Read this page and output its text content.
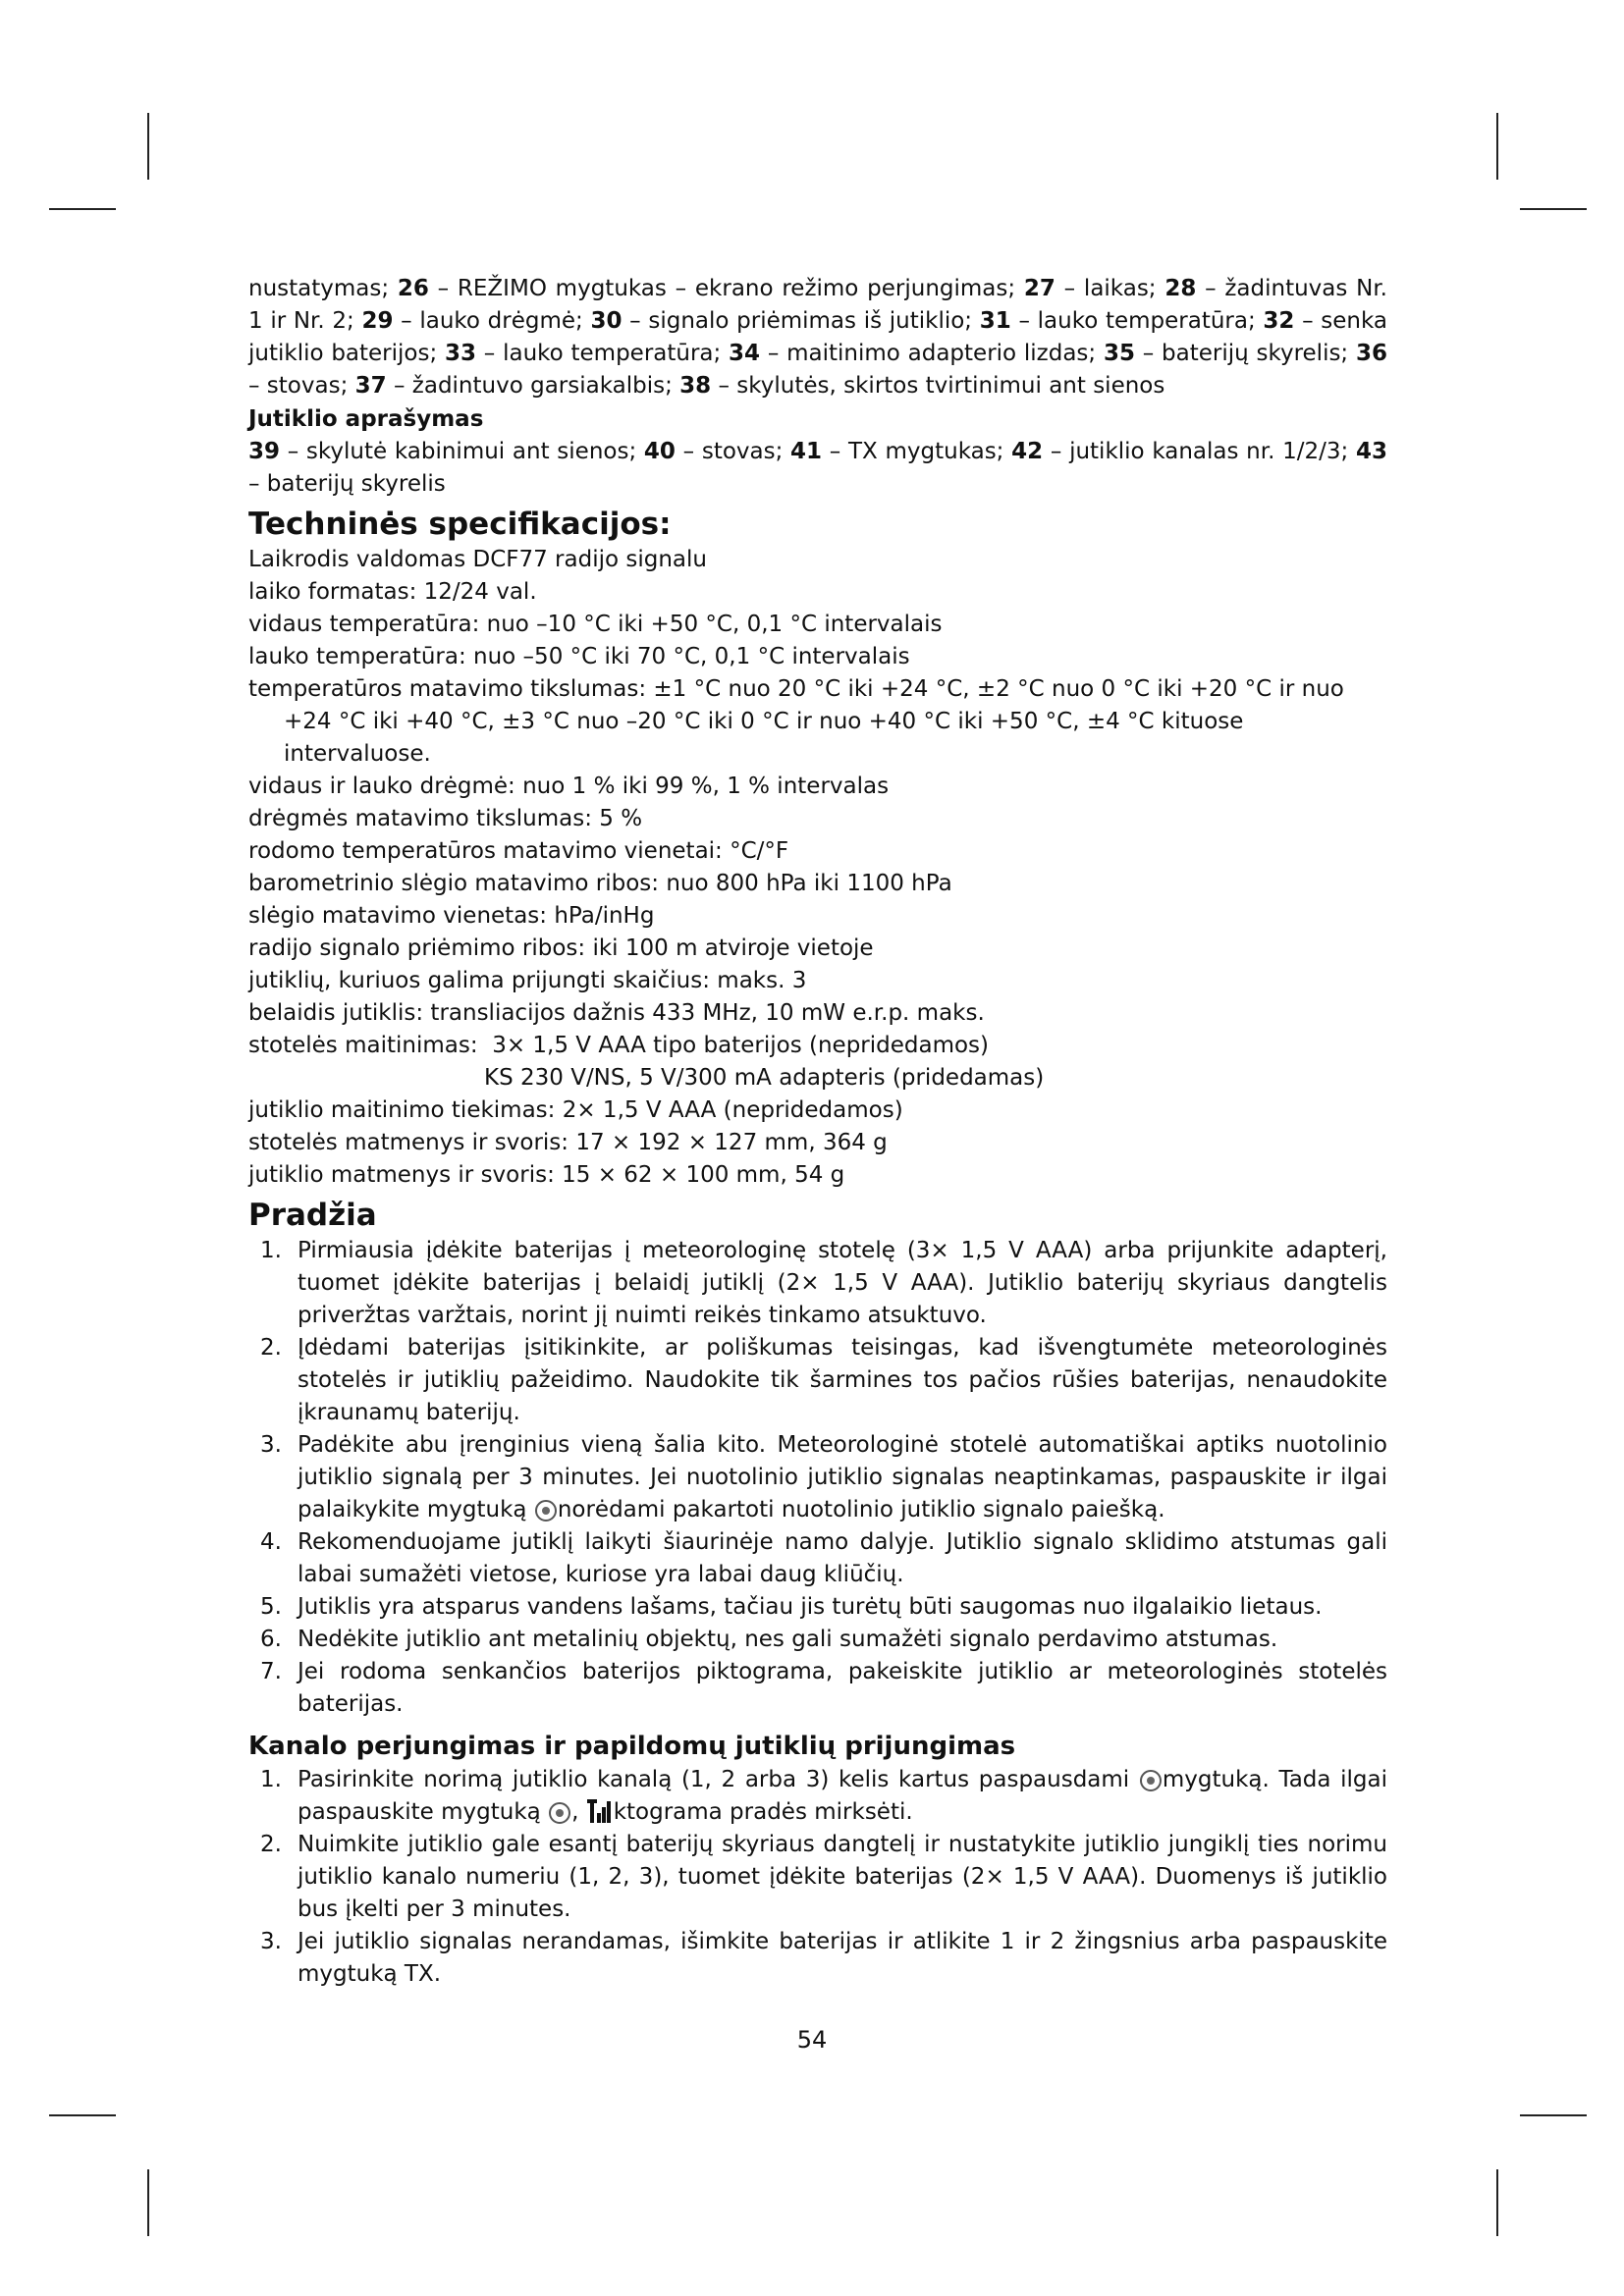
nustatymas; 26 – REŽIMO mygtukas – ekrano režimo perjungimas; 27 – laikas; 28 – žadintuvas Nr. 1 ir Nr. 2; 29 – lauko drėgmė; 30 – signalo priėmimas iš jutiklio; 31 – lauko temperatūra; 32 – senka jutiklio baterijos; 33 – lauko temperatūra; 34 – maitinimo adapterio lizdas; 35 – baterijų skyrelis; 36 – stovas; 37 – žadintuvo garsiakalbis; 38 – skylutės, skirtos tvirtinimui ant sienos

Jutiklio aprašymas

39 – skylutė kabinimui ant sienos; 40 – stovas; 41 – TX mygtukas; 42 – jutiklio kanalas nr. 1/2/3; 43 – baterijų skyrelis

Techninės specifikacijos:

Laikrodis valdomas DCF77 radijo signalu

laiko formatas: 12/24 val.

vidaus temperatūra: nuo –10 °C iki +50 °C, 0,1 °C intervalais

lauko temperatūra: nuo –50 °C iki 70 °C, 0,1 °C intervalais

temperatūros matavimo tikslumas: ±1 °C nuo 20 °C iki +24 °C, ±2 °C nuo 0 °C iki +20 °C ir nuo

+24 °C iki +40 °C, ±3 °C nuo –20 °C iki 0 °C ir nuo +40 °C iki +50 °C, ±4 °C kituose intervaluose.

vidaus ir lauko drėgmė: nuo 1 % iki 99 %, 1 % intervalas

drėgmės matavimo tikslumas: 5 %

rodomo temperatūros matavimo vienetai: °C/°F

barometrinio slėgio matavimo ribos: nuo 800 hPa iki 1100 hPa

slėgio matavimo vienetas: hPa/inHg

radijo signalo priėmimo ribos: iki 100 m atviroje vietoje

jutiklių, kuriuos galima prijungti skaičius: maks. 3

belaidis jutiklis: transliacijos dažnis 433 MHz, 10 mW e.r.p. maks.

stotelės maitinimas:  3× 1,5 V AAA tipo baterijos (nepridedamos)

KS 230 V/NS, 5 V/300 mA adapteris (pridedamas)

jutiklio maitinimo tiekimas: 2× 1,5 V AAA (nepridedamos)

stotelės matmenys ir svoris: 17 × 192 × 127 mm, 364 g

jutiklio matmenys ir svoris: 15 × 62 × 100 mm, 54 g

Pradžia
1. Pirmiausia įdėkite baterijas į meteorologinę stotelę (3× 1,5 V AAA) arba prijunkite adapterį, tuomet įdėkite baterijas į belaidį jutiklį (2× 1,5 V AAA). Jutiklio baterijų skyriaus dangtelis priveržtas varžtais, norint jį nuimti reikės tinkamo atsuktuvo.
2. Įdėdami baterijas įsitikinkite, ar poliškumas teisingas, kad išvengtumėte meteorologinės stotelės ir jutiklių pažeidimo. Naudokite tik šarmines tos pačios rūšies baterijas, nenaudokite įkraunamų baterijų.
3. Padėkite abu įrenginius vieną šalia kito. Meteorologinė stotelė automatiškai aptiks nuotolinio jutiklio signalą per 3 minutes. Jei nuotolinio jutiklio signalas neaptinkamas, paspauskite ir ilgai palaikykite mygtuką norėdami pakartoti nuotolinio jutiklio signalo paiešką.
4. Rekomenduojame jutiklį laikyti šiaurinėje namo dalyje. Jutiklio signalo sklidimo atstumas gali labai sumažėti vietose, kuriose yra labai daug kliūčių.
5. Jutiklis yra atsparus vandens lašams, tačiau jis turėtų būti saugomas nuo ilgalaikio lietaus.
6. Nedėkite jutiklio ant metalinių objektų, nes gali sumažėti signalo perdavimo atstumas.
7. Jei rodoma senkančios baterijos piktograma, pakeiskite jutiklio ar meteorologinės stotelės baterijas.
Kanalo perjungimas ir papildomų jutiklių prijungimas
1. Pasirinkite norimą jutiklio kanalą (1, 2 arba 3) kelis kartus paspausdami mygtuką. Tada ilgai paspauskite mygtuką , ktograma pradės mirksėti.
2. Nuimkite jutiklio gale esantį baterijų skyriaus dangtelį ir nustatykite jutiklio jungiklį ties norimu jutiklio kanalo numeriu (1, 2, 3), tuomet įdėkite baterijas (2× 1,5 V AAA). Duomenys iš jutiklio bus įkelti per 3 minutes.
3. Jei jutiklio signalas nerandamas, išimkite baterijas ir atlikite 1 ir 2 žingsnius arba paspauskite mygtuką TX.
54
